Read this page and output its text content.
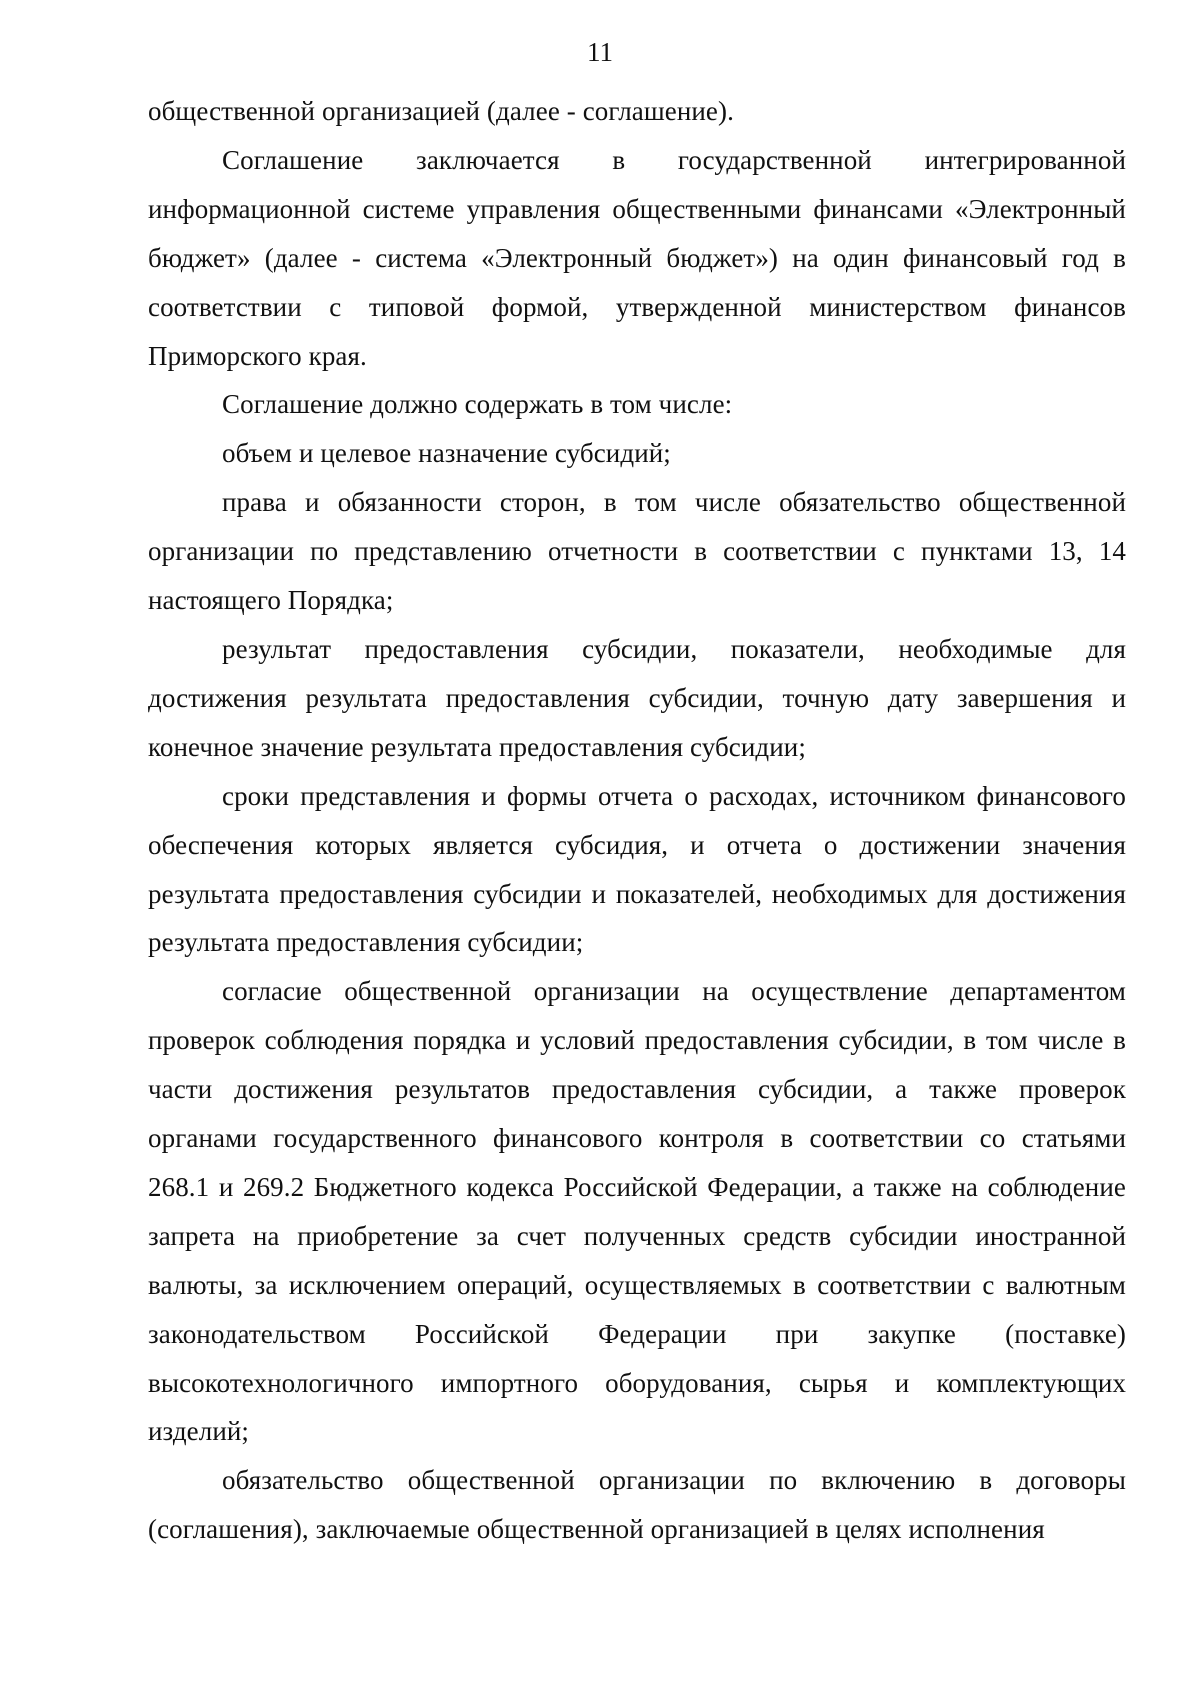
11

общественной организацией (далее - соглашение).

Соглашение заключается в государственной интегрированной информационной системе управления общественными финансами «Электронный бюджет» (далее - система «Электронный бюджет») на один финансовый год в соответствии с типовой формой, утвержденной министерством финансов Приморского края.

Соглашение должно содержать в том числе:

объем и целевое назначение субсидий;

права и обязанности сторон, в том числе обязательство общественной организации по представлению отчетности в соответствии с пунктами 13, 14 настоящего Порядка;

результат предоставления субсидии, показатели, необходимые для достижения результата предоставления субсидии, точную дату завершения и конечное значение результата предоставления субсидии;

сроки представления и формы отчета о расходах, источником финансового обеспечения которых является субсидия, и отчета о достижении значения результата предоставления субсидии и показателей, необходимых для достижения результата предоставления субсидии;

согласие общественной организации на осуществление департаментом проверок соблюдения порядка и условий предоставления субсидии, в том числе в части достижения результатов предоставления субсидии, а также проверок органами государственного финансового контроля в соответствии со статьями 268.1 и 269.2 Бюджетного кодекса Российской Федерации, а также на соблюдение запрета на приобретение за счет полученных средств субсидии иностранной валюты, за исключением операций, осуществляемых в соответствии с валютным законодательством Российской Федерации при закупке (поставке) высокотехнологичного импортного оборудования, сырья и комплектующих изделий;

обязательство общественной организации по включению в договоры (соглашения), заключаемые общественной организацией в целях исполнения
